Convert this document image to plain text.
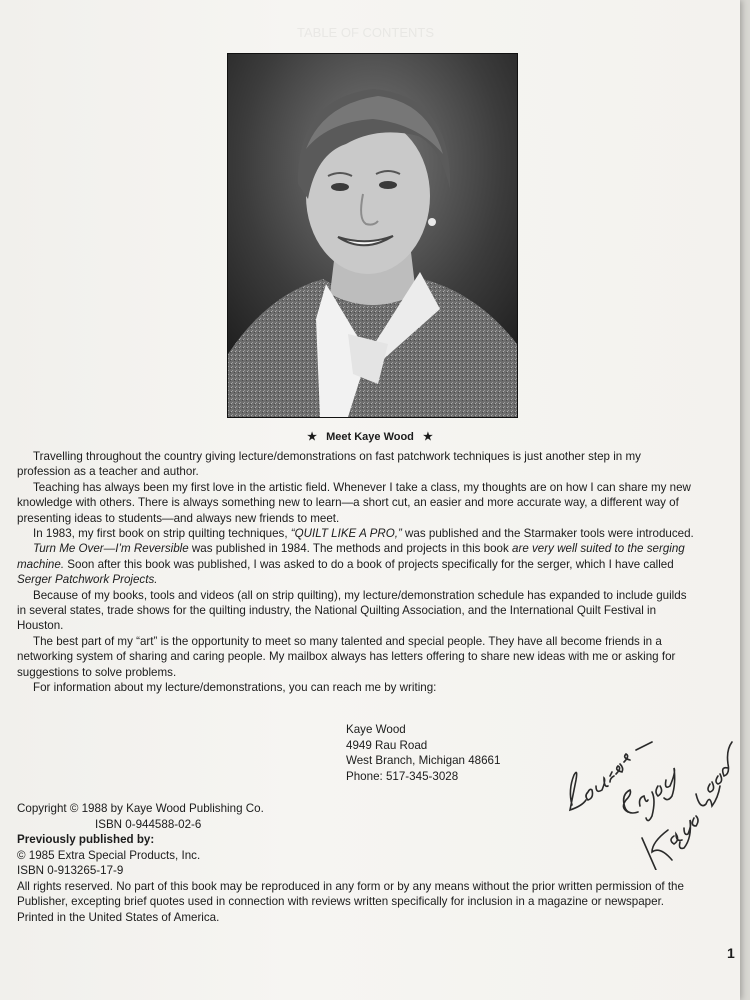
TABLE OF CONTENTS
★ Meet Kaye Wood ★

Travelling throughout the country giving lecture/demonstrations on fast patchwork techniques is just another step in my profession as a teacher and author.

Teaching has always been my first love in the artistic field. Whenever I take a class, my thoughts are on how I can share my new knowledge with others. There is always something new to learn—a short cut, an easier and more accurate way, a different way of presenting ideas to students—and always new friends to meet.

In 1983, my first book on strip quilting techniques, “QUILT LIKE A PRO,” was published and the Starmaker tools were introduced.

Turn Me Over—I’m Reversible was published in 1984. The methods and projects in this book are very well suited to the serging machine. Soon after this book was published, I was asked to do a book of projects specifically for the serger, which I have called Serger Patchwork Projects.

Because of my books, tools and videos (all on strip quilting), my lecture/demonstration schedule has expanded to include guilds in several states, trade shows for the quilting industry, the National Quilting Association, and the International Quilt Festival in Houston.

The best part of my “art” is the opportunity to meet so many talented and special people. They have all become friends in a networking system of sharing and caring people. My mailbox always has letters offering to share new ideas with me or asking for suggestions to solve problems.

For information about my lecture/demonstrations, you can reach me by writing:

Kaye Wood
4949 Rau Road
West Branch, Michigan 48661
Phone: 517-345-3028
Copyright © 1988 by Kaye Wood Publishing Co.
ISBN 0-944588-02-6
Previously published by:
© 1985 Extra Special Products, Inc.
ISBN 0-913265-17-9
All rights reserved. No part of this book may be reproduced in any form or by any means without the prior written permission of the Publisher, excepting brief quotes used in connection with reviews written specifically for inclusion in a magazine or newspaper.
Printed in the United States of America.
1
